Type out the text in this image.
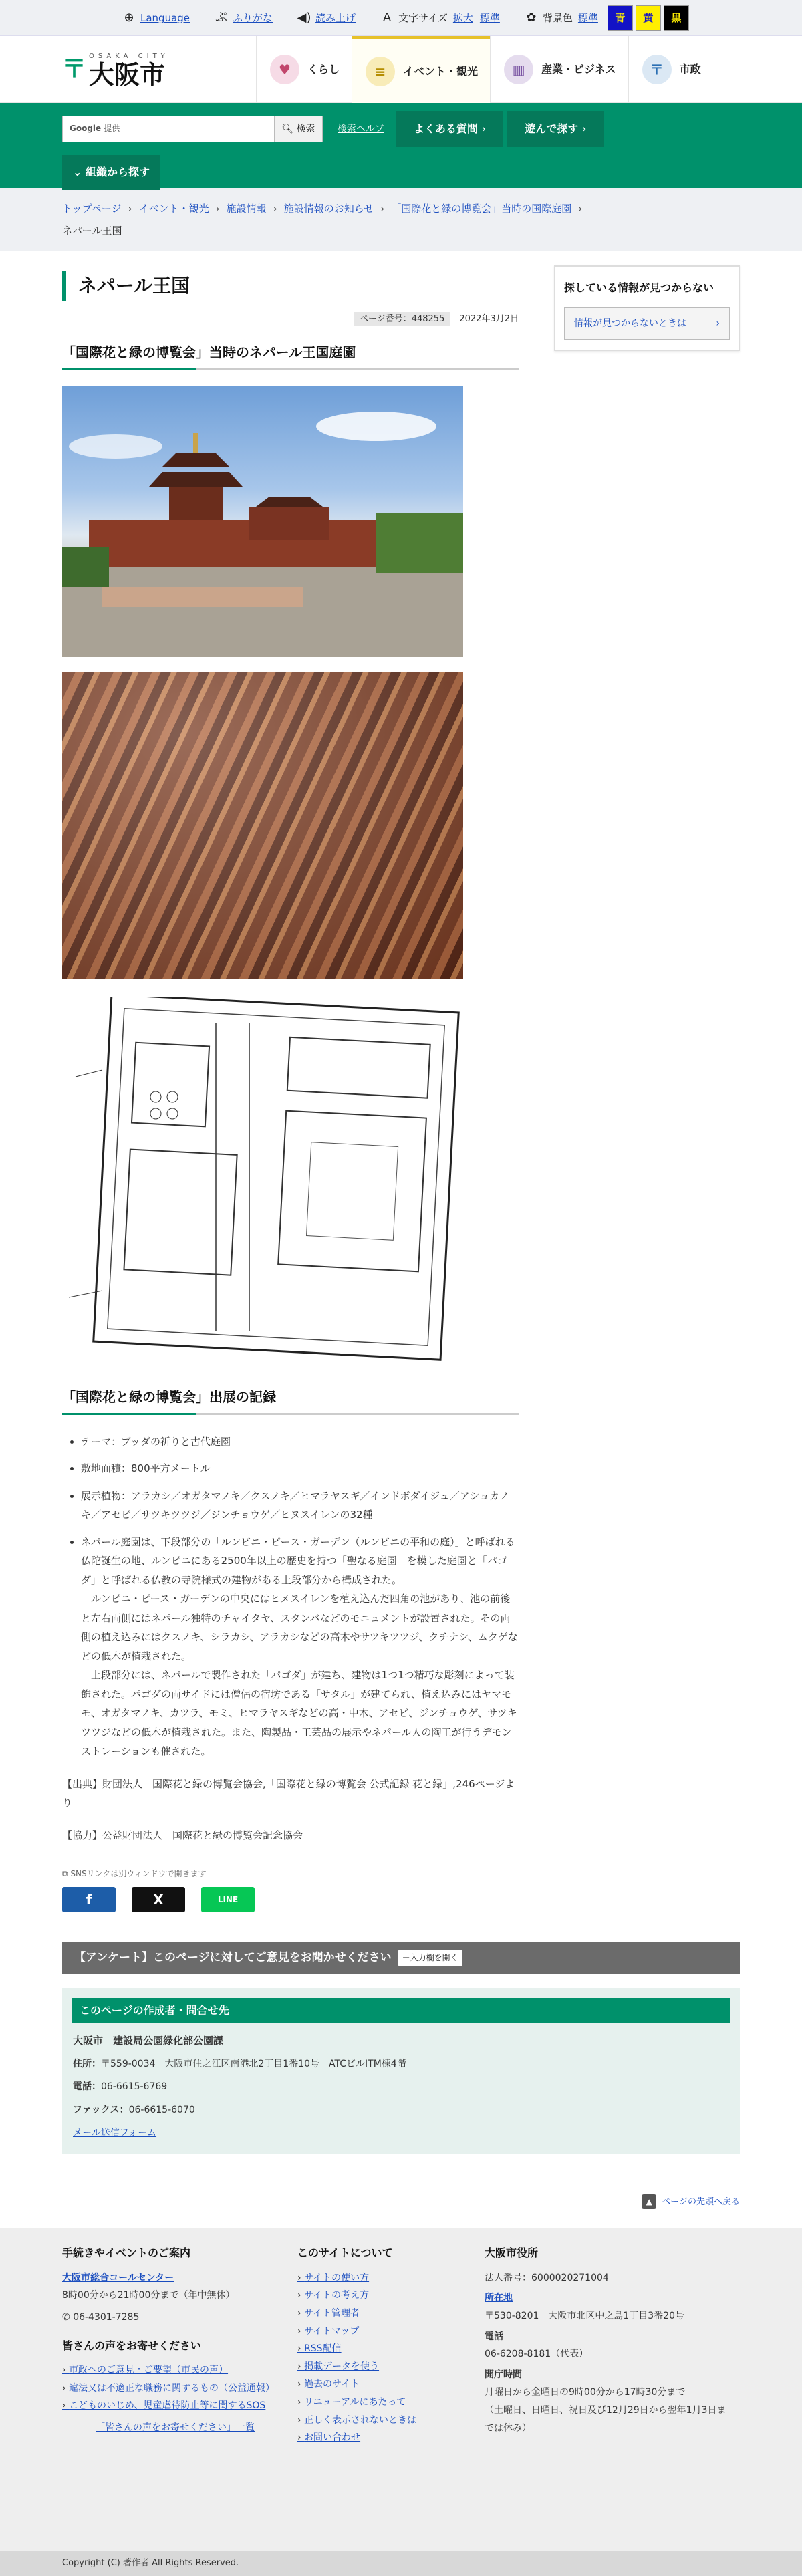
⊕ Language ぷ ふりがな ◀) 読み上げ	A 文字サイズ 拡大 標準	✿ 背景色 標準	青	黄	黒
〒 OSAKA CITY
大阪市	♥	くらし	≡	イベント・観光	▥	産業・ビジネス	〒	市政
Google 提供	🔍︎
検索 検索ヘルプ	よくある質問
›	遊んで探す
›
⌄
組織から探す
トップページ › イベント・観光 › 施設情報 › 施設情報のお知らせ › 「国際花と緑の博覧会」当時の国際庭園 ›
ネパール王国
ネパール王国
ページ番号：448255 2022年3月2日
「国際花と緑の博覧会」当時のネパール王国庭園
「国際花と緑の博覧会」出展の記録
• テーマ：ブッダの祈りと古代庭園
• 敷地面積：800平方メートル
• 展示植物：アラカシ／オガタマノキ／クスノキ／ヒマラヤスギ／インドボダイジュ／アショカノキ／アセビ／サツキツツジ／ジンチョウゲ／ヒヌスイレンの32種

• ネパール庭園は、下段部分の「ルンビニ・ピース・ガーデン（ルンビニの平和の庭）」と呼ばれる仏陀誕生の地、ルンビニにある2500年以上の歴史を持つ「聖なる庭園」を模した庭園と「パゴダ」と呼ばれる仏教の寺院様式の建物がある上段部分から構成された。

ルンビニ・ピース・ガーデンの中央にはヒメスイレンを植え込んだ四角の池があり、池の前後と左右両側にはネパール独特のチャイタヤ、スタンバなどのモニュメントが設置された。その両側の植え込みにはクスノキ、シラカシ、アラカシなどの高木やサツキツツジ、クチナシ、ムクゲなどの低木が植栽された。

上段部分には、ネパールで製作された「パゴダ」が建ち、建物は1つ1つ精巧な彫刻によって装飾された。パゴダの両サイドには僧侶の宿坊である「サタル」が建てられ、植え込みにはヤマモモ、オガタマノキ、カツラ、モミ、ヒマラヤスギなどの高・中木、アセビ、ジンチョウゲ、サツキツツジなどの低木が植栽された。また、陶製品・工芸品の展示やネパール人の陶工が行うデモンストレーションも催された。

【出典】財団法人　国際花と緑の博覧会協会,「国際花と緑の博覧会 公式記録 花と緑」,246ページより

【協力】公益財団法人　国際花と緑の博覧会記念協会

⧉ SNSリンクは別ウィンドウで開きます
f	X	LINE
探している情報が見つからない
情報が見つからないときは	›
【アンケート】このページに対してご意見をお聞かせください	＋入力欄を開く
このページの作成者・問合せ先
大阪市　建設局公園緑化部公園課
住所：〒559-0034　大阪市住之江区南港北2丁目1番10号　ATCビルITM棟4階
電話：06-6615-6769
ファックス：06-6615-6070
メール送信フォーム
▲ ページの先頭へ戻る
手続きやイベントのご案内
大阪市総合コールセンター
8時00分から21時00分まで（年中無休）
✆ 06-4301-7285
皆さんの声をお寄せください
› 市政へのご意見・ご要望（市民の声）
› 違法又は不適正な職務に関するもの（公益通報）
› こどものいじめ、児童虐待防止等に関するSOS
「皆さんの声をお寄せください」一覧
このサイトについて
› サイトの使い方
› サイトの考え方
› サイト管理者
› サイトマップ
› RSS配信
› 掲載データを使う
› 過去のサイト
› リニューアルにあたって
› 正しく表示されないときは
› お問い合わせ
大阪市役所
法人番号：6000020271004
所在地
〒530-8201　大阪市北区中之島1丁目3番20号
電話
06-6208-8181（代表）
開庁時間
月曜日から金曜日の9時00分から17時30分まで
（土曜日、日曜日、祝日及び12月29日から翌年1月3日までは休み）
Copyright (C) 著作者 All Rights Reserved.
